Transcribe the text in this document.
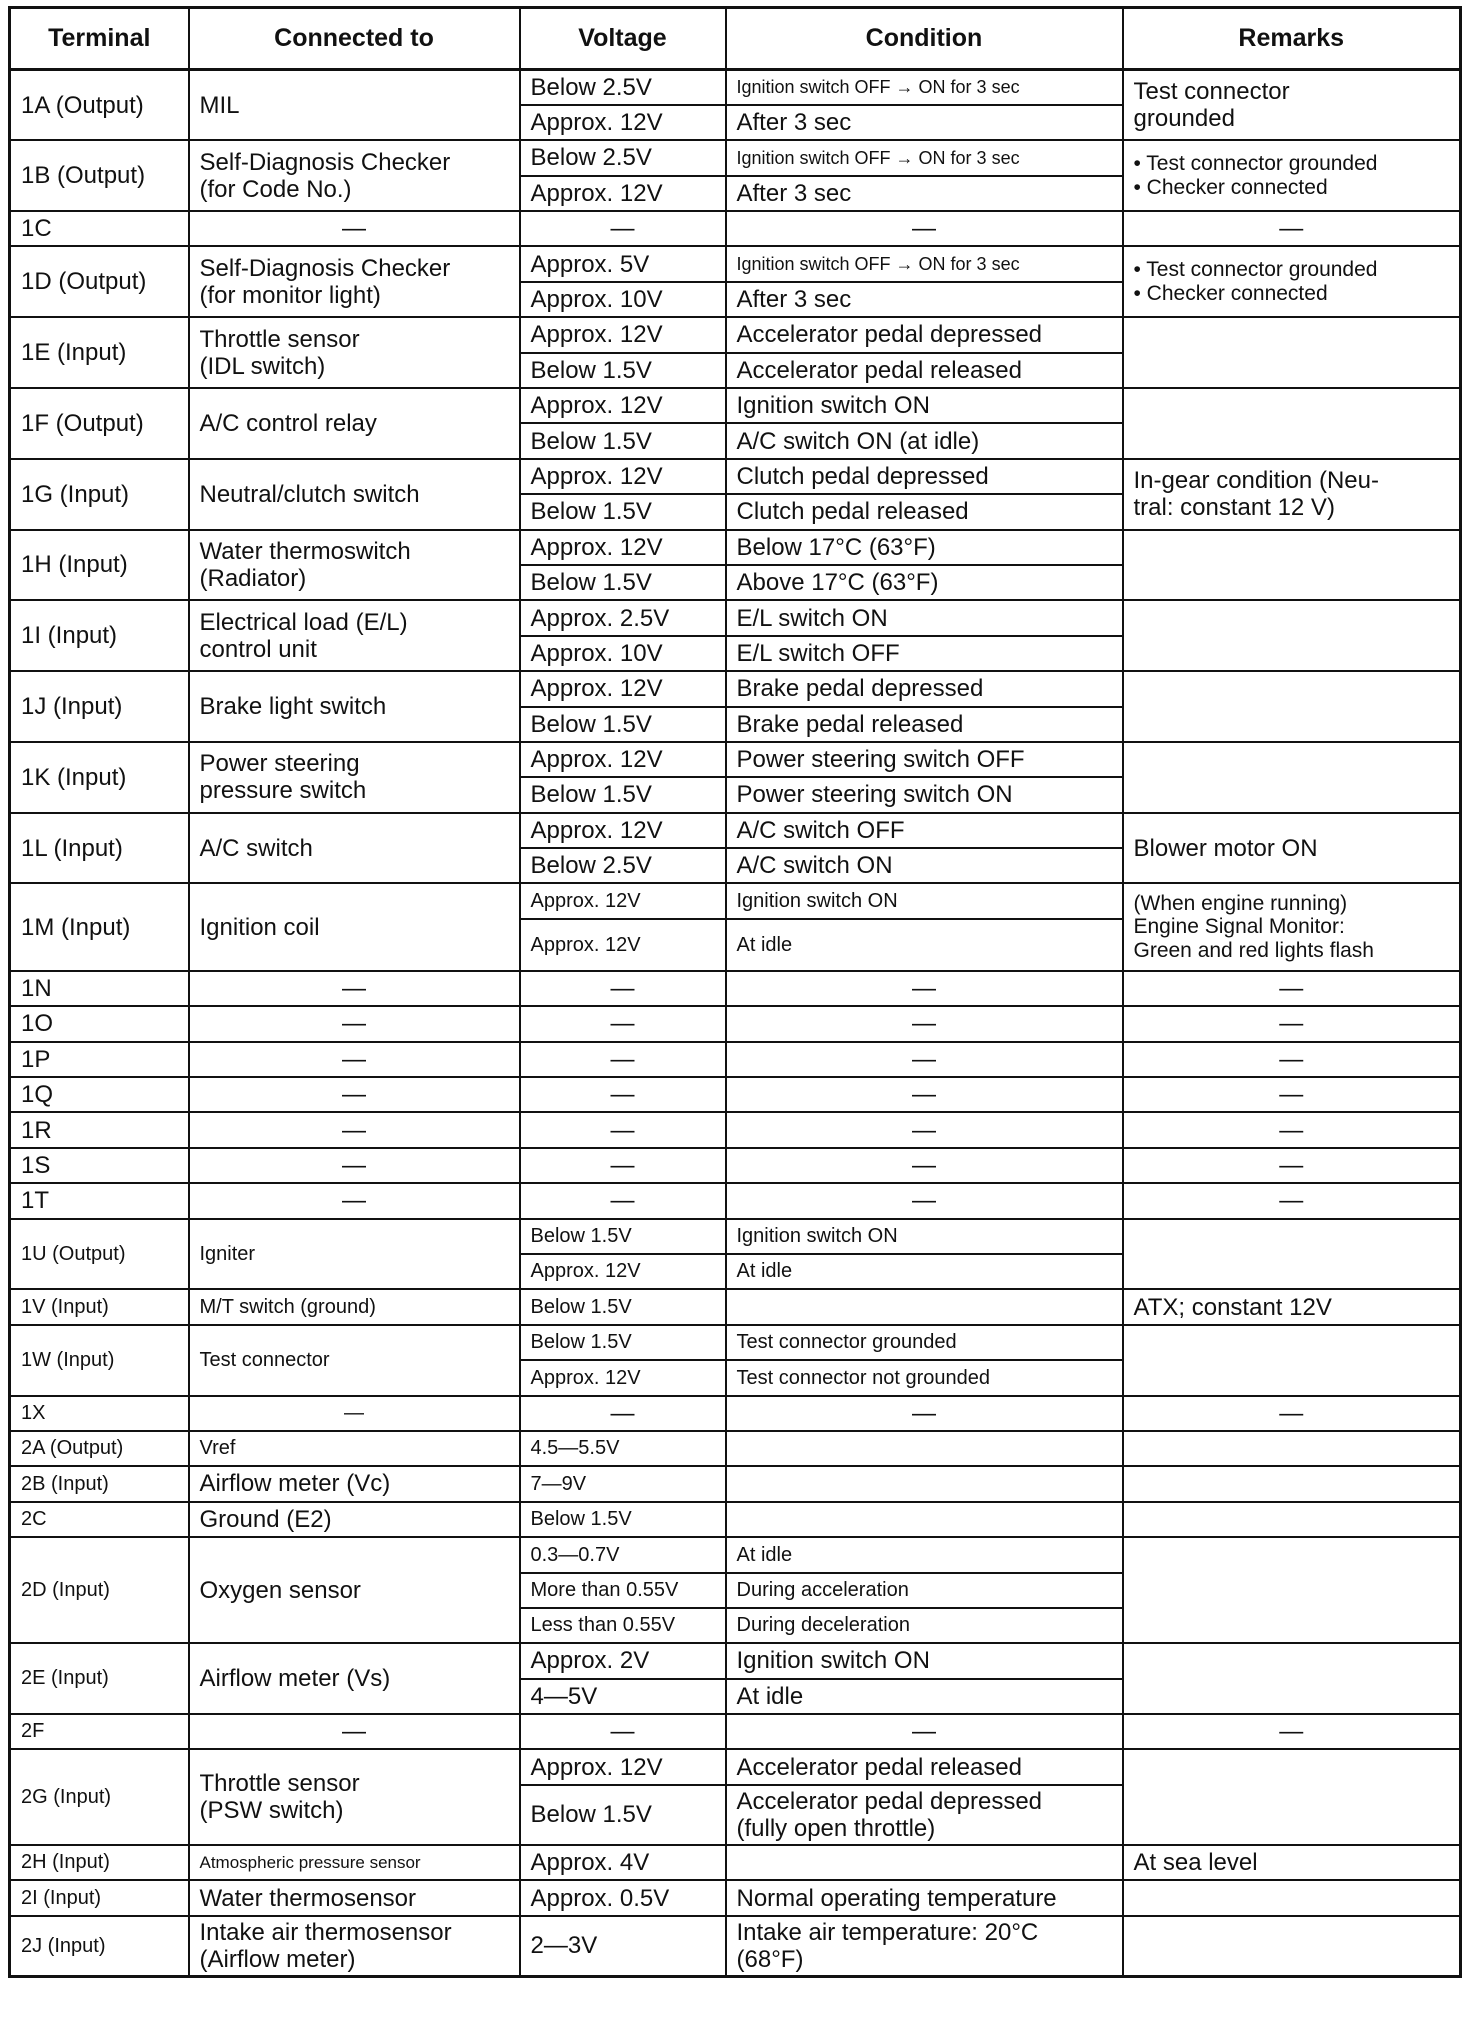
Terminal	Connected to	Voltage	Condition	Remarks
1A (Output)	MIL	Below 2.5V	Ignition switch OFF → ON for 3 sec	Test connector
grounded
		Approx. 12V	After 3 sec	
1B (Output)	Self-Diagnosis Checker
(for Code No.)	Below 2.5V	Ignition switch OFF → ON for 3 sec	• Test connector grounded
• Checker connected
		Approx. 12V	After 3 sec	
1C	—	—	—	—
1D (Output)	Self-Diagnosis Checker
(for monitor light)	Approx. 5V	Ignition switch OFF → ON for 3 sec	• Test connector grounded
• Checker connected
		Approx. 10V	After 3 sec	
1E (Input)	Throttle sensor
(IDL switch)	Approx. 12V	Accelerator pedal depressed	
		Below 1.5V	Accelerator pedal released	
1F (Output)	A/C control relay	Approx. 12V	Ignition switch ON	
		Below 1.5V	A/C switch ON (at idle)	
1G (Input)	Neutral/clutch switch	Approx. 12V	Clutch pedal depressed	In-gear condition (Neu-
tral: constant 12 V)
		Below 1.5V	Clutch pedal released	
1H (Input)	Water thermoswitch
(Radiator)	Approx. 12V	Below 17°C (63°F)	
		Below 1.5V	Above 17°C (63°F)	
1I (Input)	Electrical load (E/L)
control unit	Approx. 2.5V	E/L switch ON	
		Approx. 10V	E/L switch OFF	
1J (Input)	Brake light switch	Approx. 12V	Brake pedal depressed	
		Below 1.5V	Brake pedal released	
1K (Input)	Power steering
pressure switch	Approx. 12V	Power steering switch OFF	
		Below 1.5V	Power steering switch ON	
1L (Input)	A/C switch	Approx. 12V	A/C switch OFF	Blower motor ON
		Below 2.5V	A/C switch ON	
1M (Input)	Ignition coil	Approx. 12V	Ignition switch ON	(When engine running)
Engine Signal Monitor:
Green and red lights flash
		Approx. 12V	At idle	
1N	—	—	—	—
1O	—	—	—	—
1P	—	—	—	—
1Q	—	—	—	—
1R	—	—	—	—
1S	—	—	—	—
1T	—	—	—	—
1U (Output)	Igniter	Below 1.5V	Ignition switch ON	
		Approx. 12V	At idle	
1V (Input)	M/T switch (ground)	Below 1.5V		ATX; constant 12V
1W (Input)	Test connector	Below 1.5V	Test connector grounded	
		Approx. 12V	Test connector not grounded	
1X	—	—	—	—
2A (Output)	Vref	4.5—5.5V		
2B (Input)	Airflow meter (Vc)	7—9V		
2C	Ground (E2)	Below 1.5V		
2D (Input)	Oxygen sensor	0.3—0.7V	At idle	
		More than 0.55V	During acceleration	
		Less than 0.55V	During deceleration	
2E (Input)	Airflow meter (Vs)	Approx. 2V	Ignition switch ON	
		4—5V	At idle	
2F	—	—	—	—
2G (Input)	Throttle sensor
(PSW switch)	Approx. 12V	Accelerator pedal released	
		Below 1.5V	Accelerator pedal depressed
(fully open throttle)	
2H (Input)	Atmospheric pressure sensor	Approx. 4V		At sea level
2I (Input)	Water thermosensor	Approx. 0.5V	Normal operating temperature	
2J (Input)	Intake air thermosensor
(Airflow meter)	2—3V	Intake air temperature: 20°C
(68°F)	
